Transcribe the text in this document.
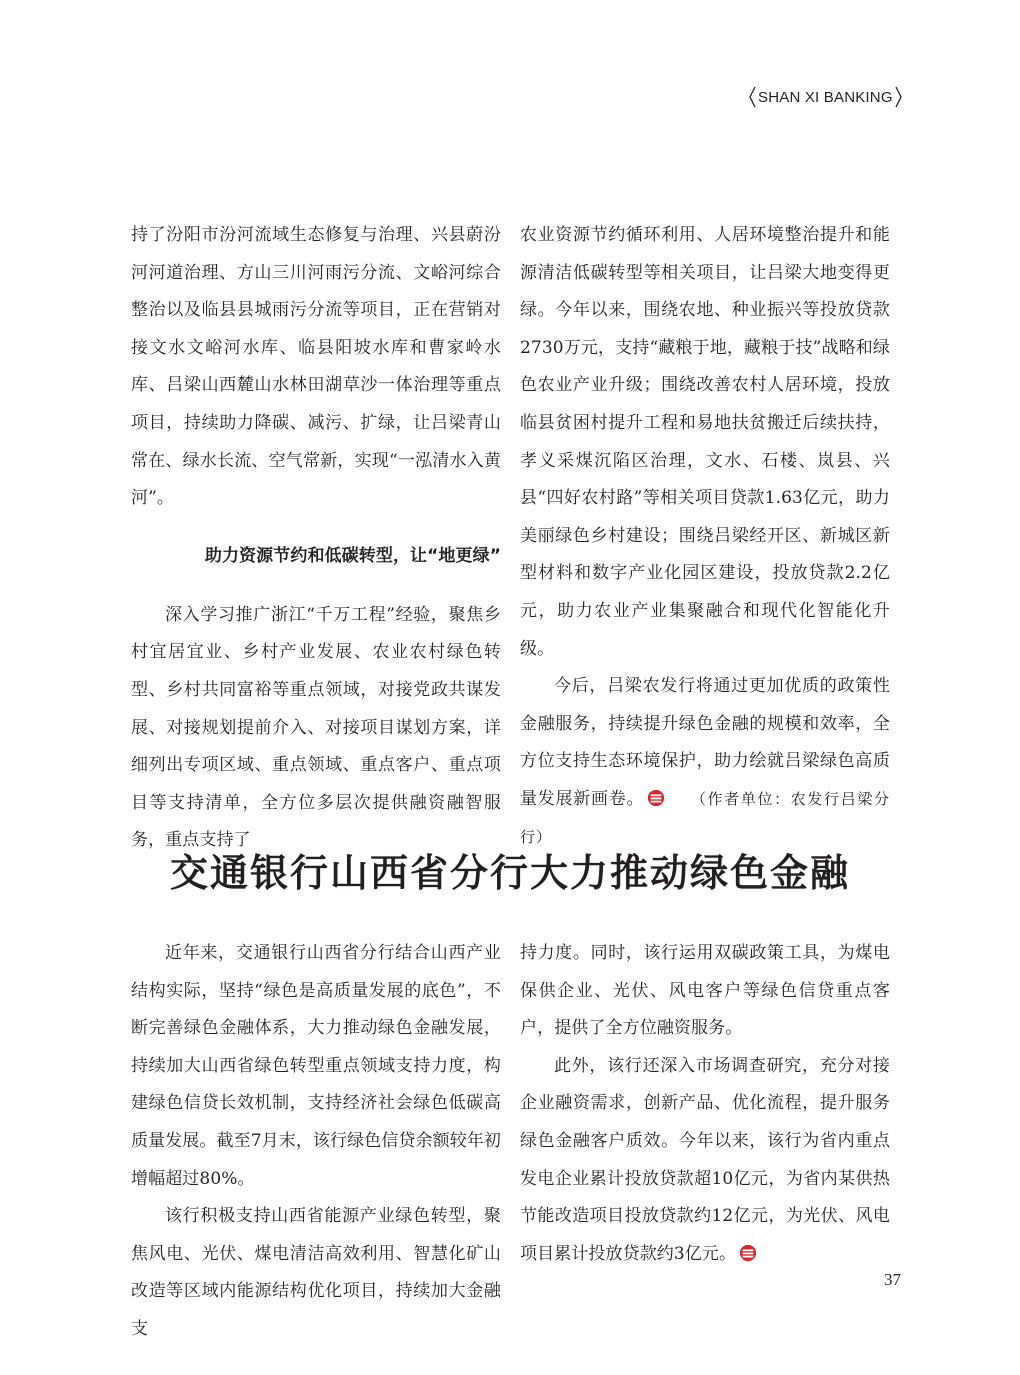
SHAN XI BANKING

持了汾阳市汾河流域生态修复与治理、兴县蔚汾河河道治理、方山三川河雨污分流、文峪河综合整治以及临县县城雨污分流等项目，正在营销对接文水文峪河水库、临县阳坡水库和曹家岭水库、吕梁山西麓山水林田湖草沙一体治理等重点项目，持续助力降碳、减污、扩绿，让吕梁青山常在、绿水长流、空气常新，实现“一泓清水入黄河”。

助力资源节约和低碳转型，让“地更绿”

深入学习推广浙江“千万工程”经验，聚焦乡村宜居宜业、乡村产业发展、农业农村绿色转型、乡村共同富裕等重点领域，对接党政共谋发展、对接规划提前介入、对接项目谋划方案，详细列出专项区域、重点领域、重点客户、重点项目等支持清单，全方位多层次提供融资融智服务，重点支持了

农业资源节约循环利用、人居环境整治提升和能源清洁低碳转型等相关项目，让吕梁大地变得更绿。今年以来，围绕农地、种业振兴等投放贷款2730万元，支持“藏粮于地，藏粮于技”战略和绿色农业产业升级；围绕改善农村人居环境，投放临县贫困村提升工程和易地扶贫搬迁后续扶持，孝义采煤沉陷区治理，文水、石楼、岚县、兴县“四好农村路”等相关项目贷款1.63亿元，助力美丽绿色乡村建设；围绕吕梁经开区、新城区新型材料和数字产业化园区建设，投放贷款2.2亿元，助力农业产业集聚融合和现代化智能化升级。

今后，吕梁农发行将通过更加优质的政策性金融服务，持续提升绿色金融的规模和效率，全方位支持生态环境保护，助力绘就吕梁绿色高质量发展新画卷。	（作者单位：农发行吕梁分行）

交通银行山西省分行大力推动绿色金融

近年来，交通银行山西省分行结合山西产业结构实际，坚持“绿色是高质量发展的底色”，不断完善绿色金融体系，大力推动绿色金融发展，持续加大山西省绿色转型重点领域支持力度，构建绿色信贷长效机制，支持经济社会绿色低碳高质量发展。截至7月末，该行绿色信贷余额较年初增幅超过80%。

该行积极支持山西省能源产业绿色转型，聚焦风电、光伏、煤电清洁高效利用、智慧化矿山改造等区域内能源结构优化项目，持续加大金融支

持力度。同时，该行运用双碳政策工具，为煤电保供企业、光伏、风电客户等绿色信贷重点客户，提供了全方位融资服务。

此外，该行还深入市场调查研究，充分对接企业融资需求，创新产品、优化流程，提升服务绿色金融客户质效。今年以来，该行为省内重点发电企业累计投放贷款超10亿元，为省内某供热节能改造项目投放贷款约12亿元，为光伏、风电项目累计投放贷款约3亿元。

37
